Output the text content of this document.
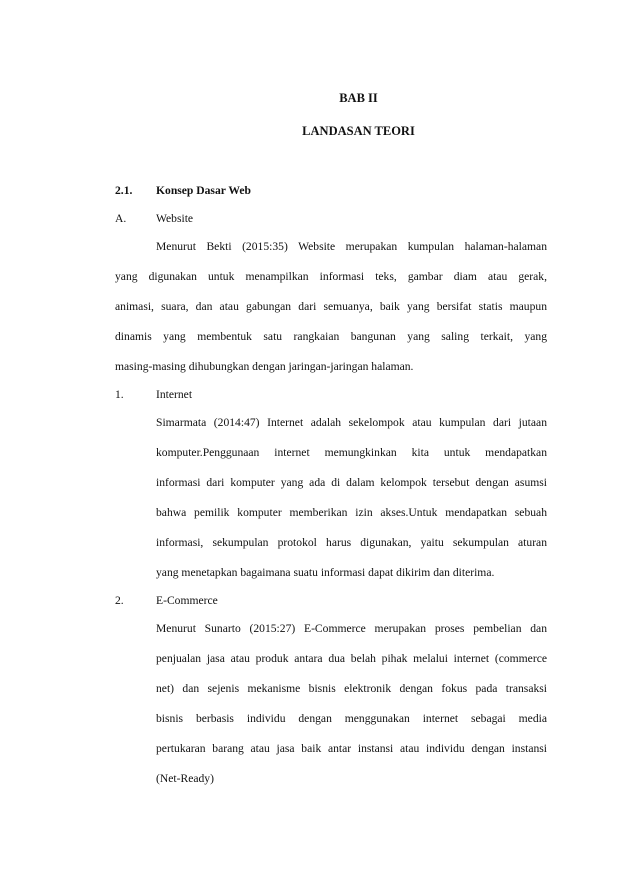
BAB II
LANDASAN TEORI
2.1. Konsep Dasar Web
A.	Website
Menurut Bekti (2015:35) Website merupakan kumpulan halaman-halaman
yang digunakan untuk menampilkan informasi teks, gambar diam atau gerak,
animasi, suara, dan atau gabungan dari semuanya, baik yang bersifat statis maupun
dinamis yang membentuk satu rangkaian bangunan yang saling terkait, yang
masing-masing dihubungkan dengan jaringan-jaringan halaman.
1.	Internet
Simarmata (2014:47) Internet adalah sekelompok atau kumpulan dari jutaan
komputer.Penggunaan internet memungkinkan kita untuk mendapatkan
informasi dari komputer yang ada di dalam kelompok tersebut dengan asumsi
bahwa pemilik komputer memberikan izin akses.Untuk mendapatkan sebuah
informasi, sekumpulan protokol harus digunakan, yaitu sekumpulan aturan
yang menetapkan bagaimana suatu informasi dapat dikirim dan diterima.
2.	E-Commerce
Menurut Sunarto (2015:27) E-Commerce merupakan proses pembelian dan
penjualan jasa atau produk antara dua belah pihak melalui internet (commerce
net) dan sejenis mekanisme bisnis elektronik dengan fokus pada transaksi
bisnis berbasis individu dengan menggunakan internet sebagai media
pertukaran barang atau jasa baik antar instansi atau individu dengan instansi
(Net-Ready)
